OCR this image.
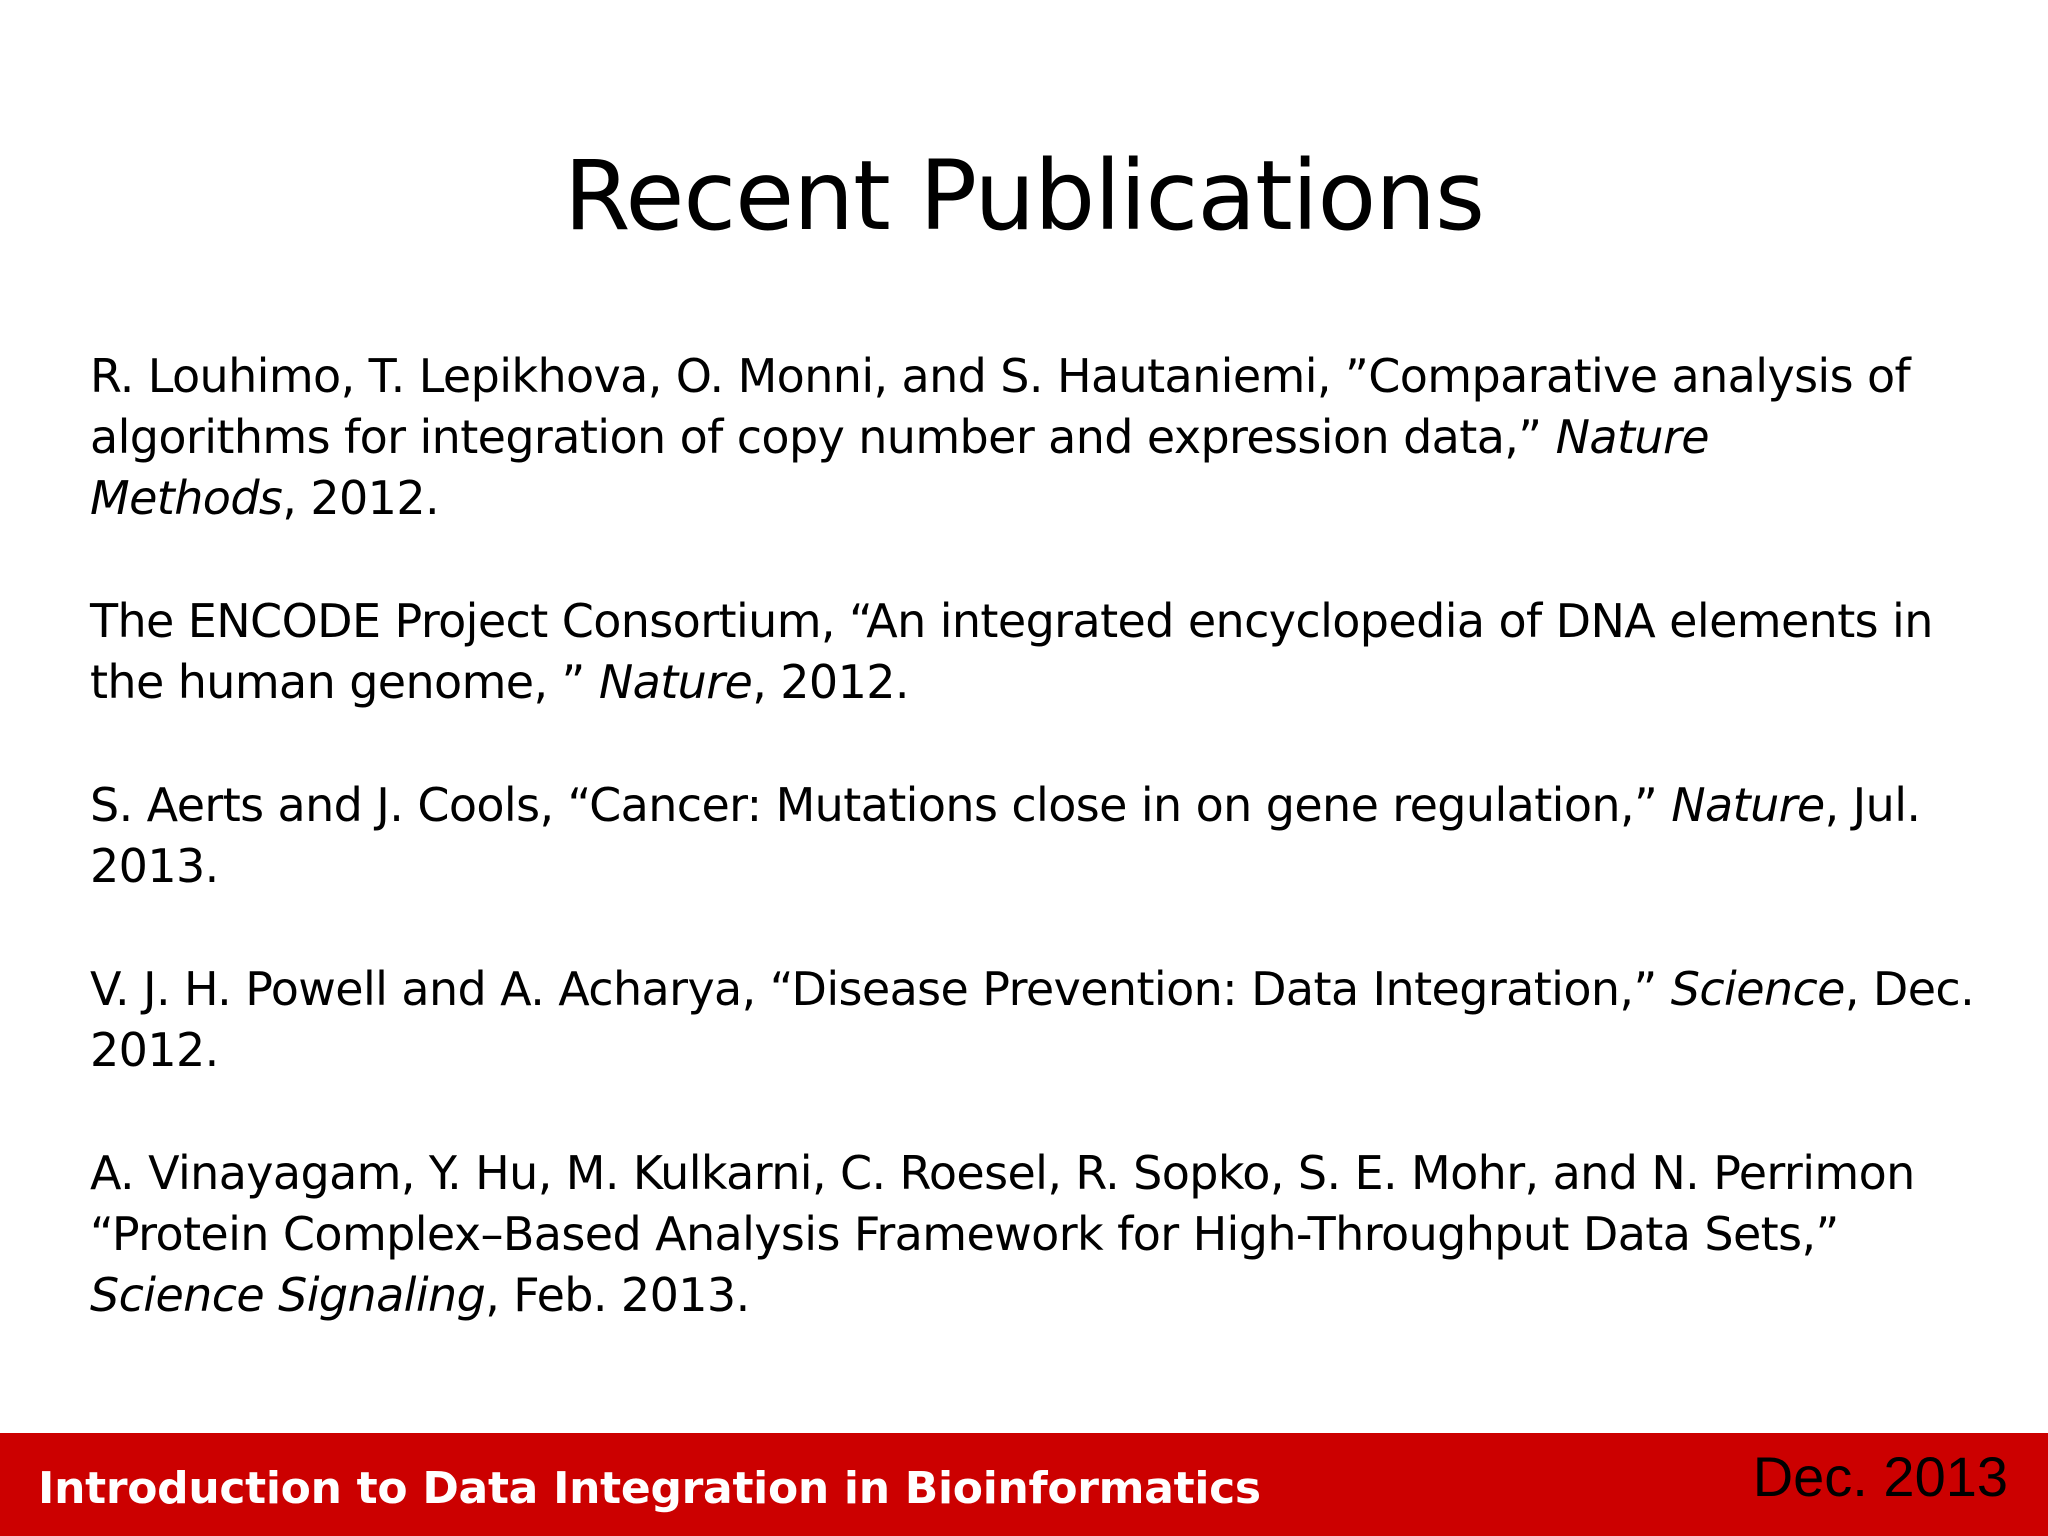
Recent Publications

R. Louhimo, T. Lepikhova, O. Monni, and S. Hautaniemi, ”Comparative analysis of
algorithms for integration of copy number and expression data,” Nature
Methods, 2012.

The ENCODE Project Consortium, “An integrated encyclopedia of DNA elements in
the human genome, ” Nature, 2012.

S. Aerts and J. Cools, “Cancer: Mutations close in on gene regulation,” Nature, Jul.
2013.

V. J. H. Powell and A. Acharya, “Disease Prevention: Data Integration,” Science, Dec.
2012.

A. Vinayagam, Y. Hu, M. Kulkarni, C. Roesel, R. Sopko, S. E. Mohr, and N. Perrimon
“Protein Complex–Based Analysis Framework for High-Throughput Data Sets,”
Science Signaling, Feb. 2013.

Introduction to Data Integration in Bioinformatics	Dec. 2013
